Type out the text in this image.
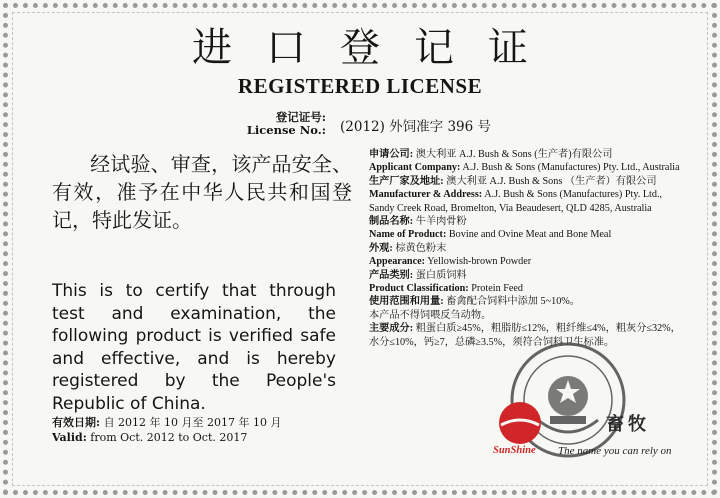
进口登记证
REGISTERED LICENSE
登记证号:
License No.: (2012) 外饲准字 396 号
经试验、审查，该产品安全、有效，准予在中华人民共和国登记，特此发证。
This is to certify that through test and examination, the following product is verified safe and effective, and is hereby registered by the People's Republic of China.
有效日期: 自 2012 年 10 月至 2017 年 10 月
Valid: from Oct. 2012 to Oct. 2017

申请公司: 澳大利亚 A.J. Bush & Sons (生产者)有限公司

Applicant Company: A.J. Bush & Sons (Manufactures) Pty. Ltd., Australia

生产厂家及地址: 澳大利亚 A.J. Bush & Sons （生产者）有限公司

Manufacturer & Address: A.J. Bush & Sons (Manufactures) Pty. Ltd., Sandy Creek Road, Bromelton, Via Beaudesert, QLD 4285, Australia

制品名称: 牛羊肉骨粉

Name of Product: Bovine and Ovine Meat and Bone Meal

外观: 棕黄色粉末

Appearance: Yellowish-brown Powder

产品类别: 蛋白质饲料

Product Classification: Protein Feed

使用范围和用量: 畜禽配合饲料中添加 5~10%。

本产品不得饲喂反刍动物。

主要成分: 粗蛋白质≥45%，粗脂肪≤12%，粗纤维≤4%，粗灰分≤32%，水分≤10%，钙≥7，总磷≥3.5%，须符合饲料卫生标准。

畜牧
SunShine The name you can rely on
